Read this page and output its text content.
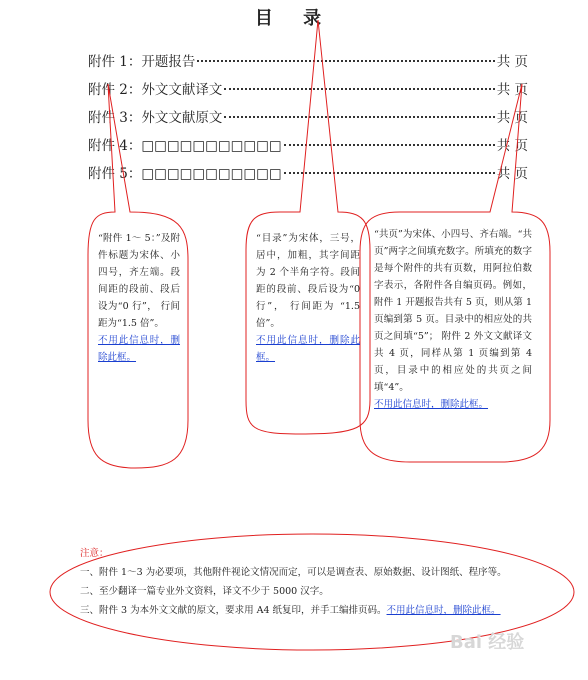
目 录
附件 1：开题报告	共 页
附件 2：外文文献译文	共 页
附件 3：外文文献原文	共 页
附件 4：□□□□□□□□□□□	共 页
附件 5：□□□□□□□□□□□	共 页
“附件 1～ 5：”及附件标题为宋体、小四号，齐左端。段间距的段前、段后设为“0 行”， 行间距为“1.5 倍”。
不用此信息时，删除此框。
“目录”为宋体，三号，居中，加粗，其字间距为 2 个半角字符。段间距的段前、段后设为“0 行”， 行间距为 “1.5 倍”。
不用此信息时，删除此框。
“共页”为宋体、小四号、齐右端。“共页”两字之间填充数字。所填充的数字是每个附件的共有页数，用阿拉伯数字表示，各附件各自编页码。例如，附件 1 开题报告共有 5 页，则从第 1 页编到第 5 页。目录中的相应处的共页之间填“5”； 附件 2 外文文献译文共 4 页，同样从第 1 页编到第 4 页，目录中的相应处的共页之间填“4”。
不用此信息时，删除此框。
注意：
一、附件 1～3 为必要项，其他附件视论文情况而定，可以是调查表、原始数据、设计图纸、程序等。
二、至少翻译一篇专业外文资料，译文不少于 5000 汉字。
三、附件 3 为本外文文献的原文，要求用 A4 纸复印，并手工编排页码。不用此信息时，删除此框。
Bai 经验
